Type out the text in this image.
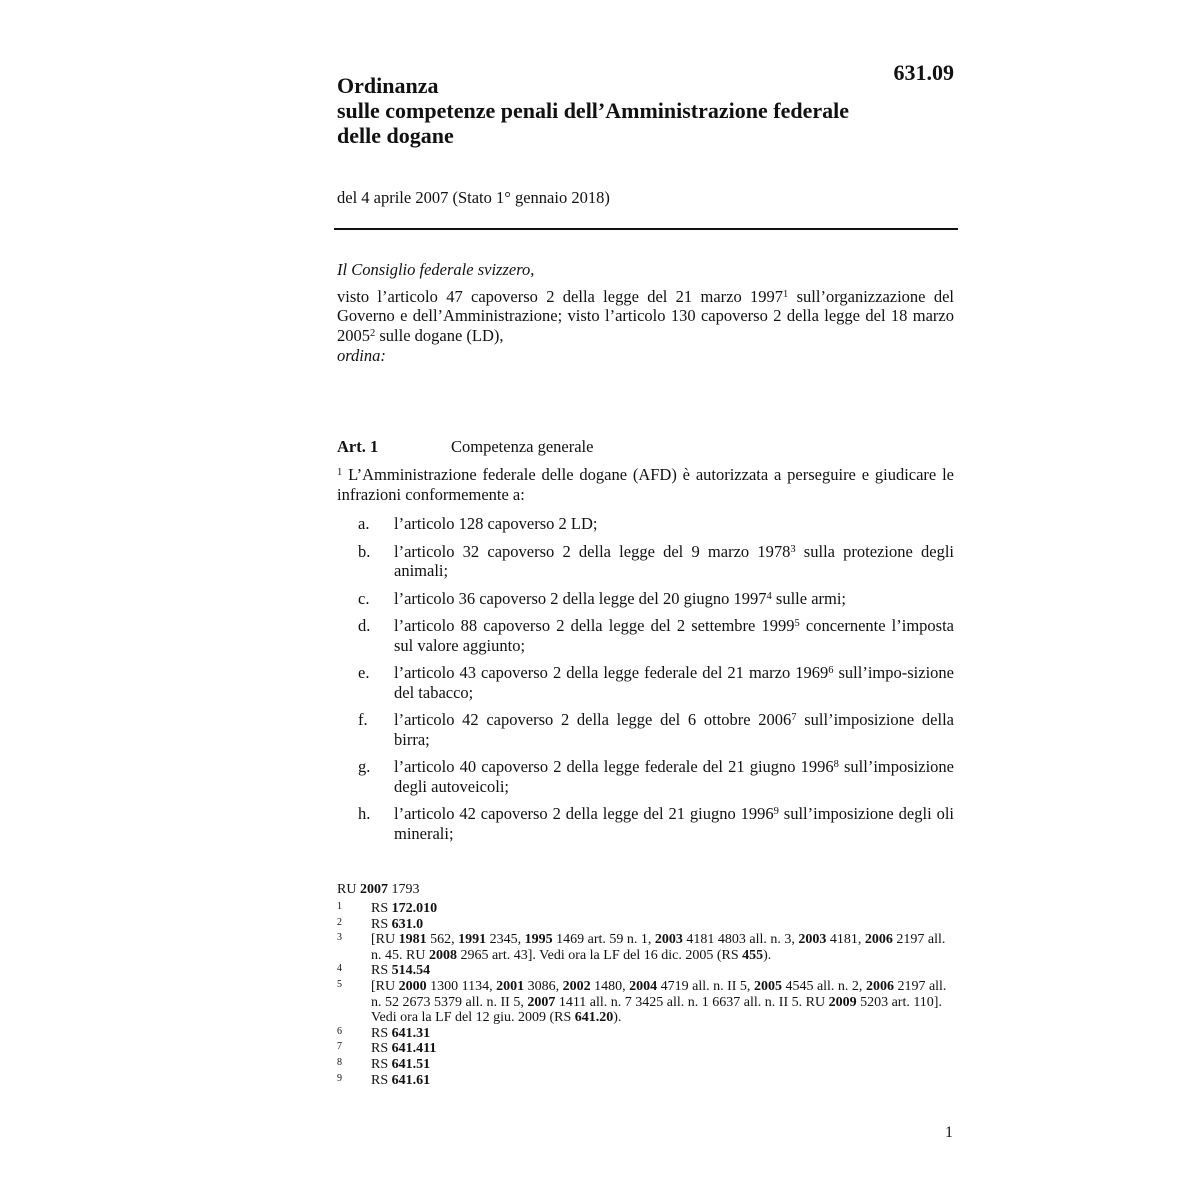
631.09
Ordinanza
sulle competenze penali dell’Amministrazione federale
delle dogane
del 4 aprile 2007 (Stato 1° gennaio 2018)
Il Consiglio federale svizzero,
visto l’articolo 47 capoverso 2 della legge del 21 marzo 1997$^1$ sull’organizzazione del Governo e dell’Amministrazione; visto l’articolo 130 capoverso 2 della legge del 18 marzo 2005$^2$ sulle dogane (LD),
ordina:
Art. 1	Competenza generale
$^1$ L’Amministrazione federale delle dogane (AFD) è autorizzata a perseguire e giudicare le infrazioni conformemente a:
a.	l’articolo 128 capoverso 2 LD;
b.	l’articolo 32 capoverso 2 della legge del 9 marzo 1978$^3$ sulla protezione degli animali;
c.	l’articolo 36 capoverso 2 della legge del 20 giugno 1997$^4$ sulle armi;
d.	l’articolo 88 capoverso 2 della legge del 2 settembre 1999$^5$ concernente l’imposta sul valore aggiunto;
e.	l’articolo 43 capoverso 2 della legge federale del 21 marzo 1969$^6$ sull’impo-sizione del tabacco;
f.	l’articolo 42 capoverso 2 della legge del 6 ottobre 2006$^7$ sull’imposizione della birra;
g.	l’articolo 40 capoverso 2 della legge federale del 21 giugno 1996$^8$ sull’imposizione degli autoveicoli;
h.	l’articolo 42 capoverso 2 della legge del 21 giugno 1996$^9$ sull’imposizione degli oli minerali;
RU 2007 1793
1	RS 172.010
2	RS 631.0
3	[RU 1981 562, 1991 2345, 1995 1469 art. 59 n. 1, 2003 4181 4803 all. n. 3, 2003 4181, 2006 2197 all. n. 45. RU 2008 2965 art. 43]. Vedi ora la LF del 16 dic. 2005 (RS 455).
4	RS 514.54
5	[RU 2000 1300 1134, 2001 3086, 2002 1480, 2004 4719 all. n. II 5, 2005 4545 all. n. 2, 2006 2197 all. n. 52 2673 5379 all. n. II 5, 2007 1411 all. n. 7 3425 all. n. 1 6637 all. n. II 5. RU 2009 5203 art. 110]. Vedi ora la LF del 12 giu. 2009 (RS 641.20).
6	RS 641.31
7	RS 641.411
8	RS 641.51
9	RS 641.61
1
